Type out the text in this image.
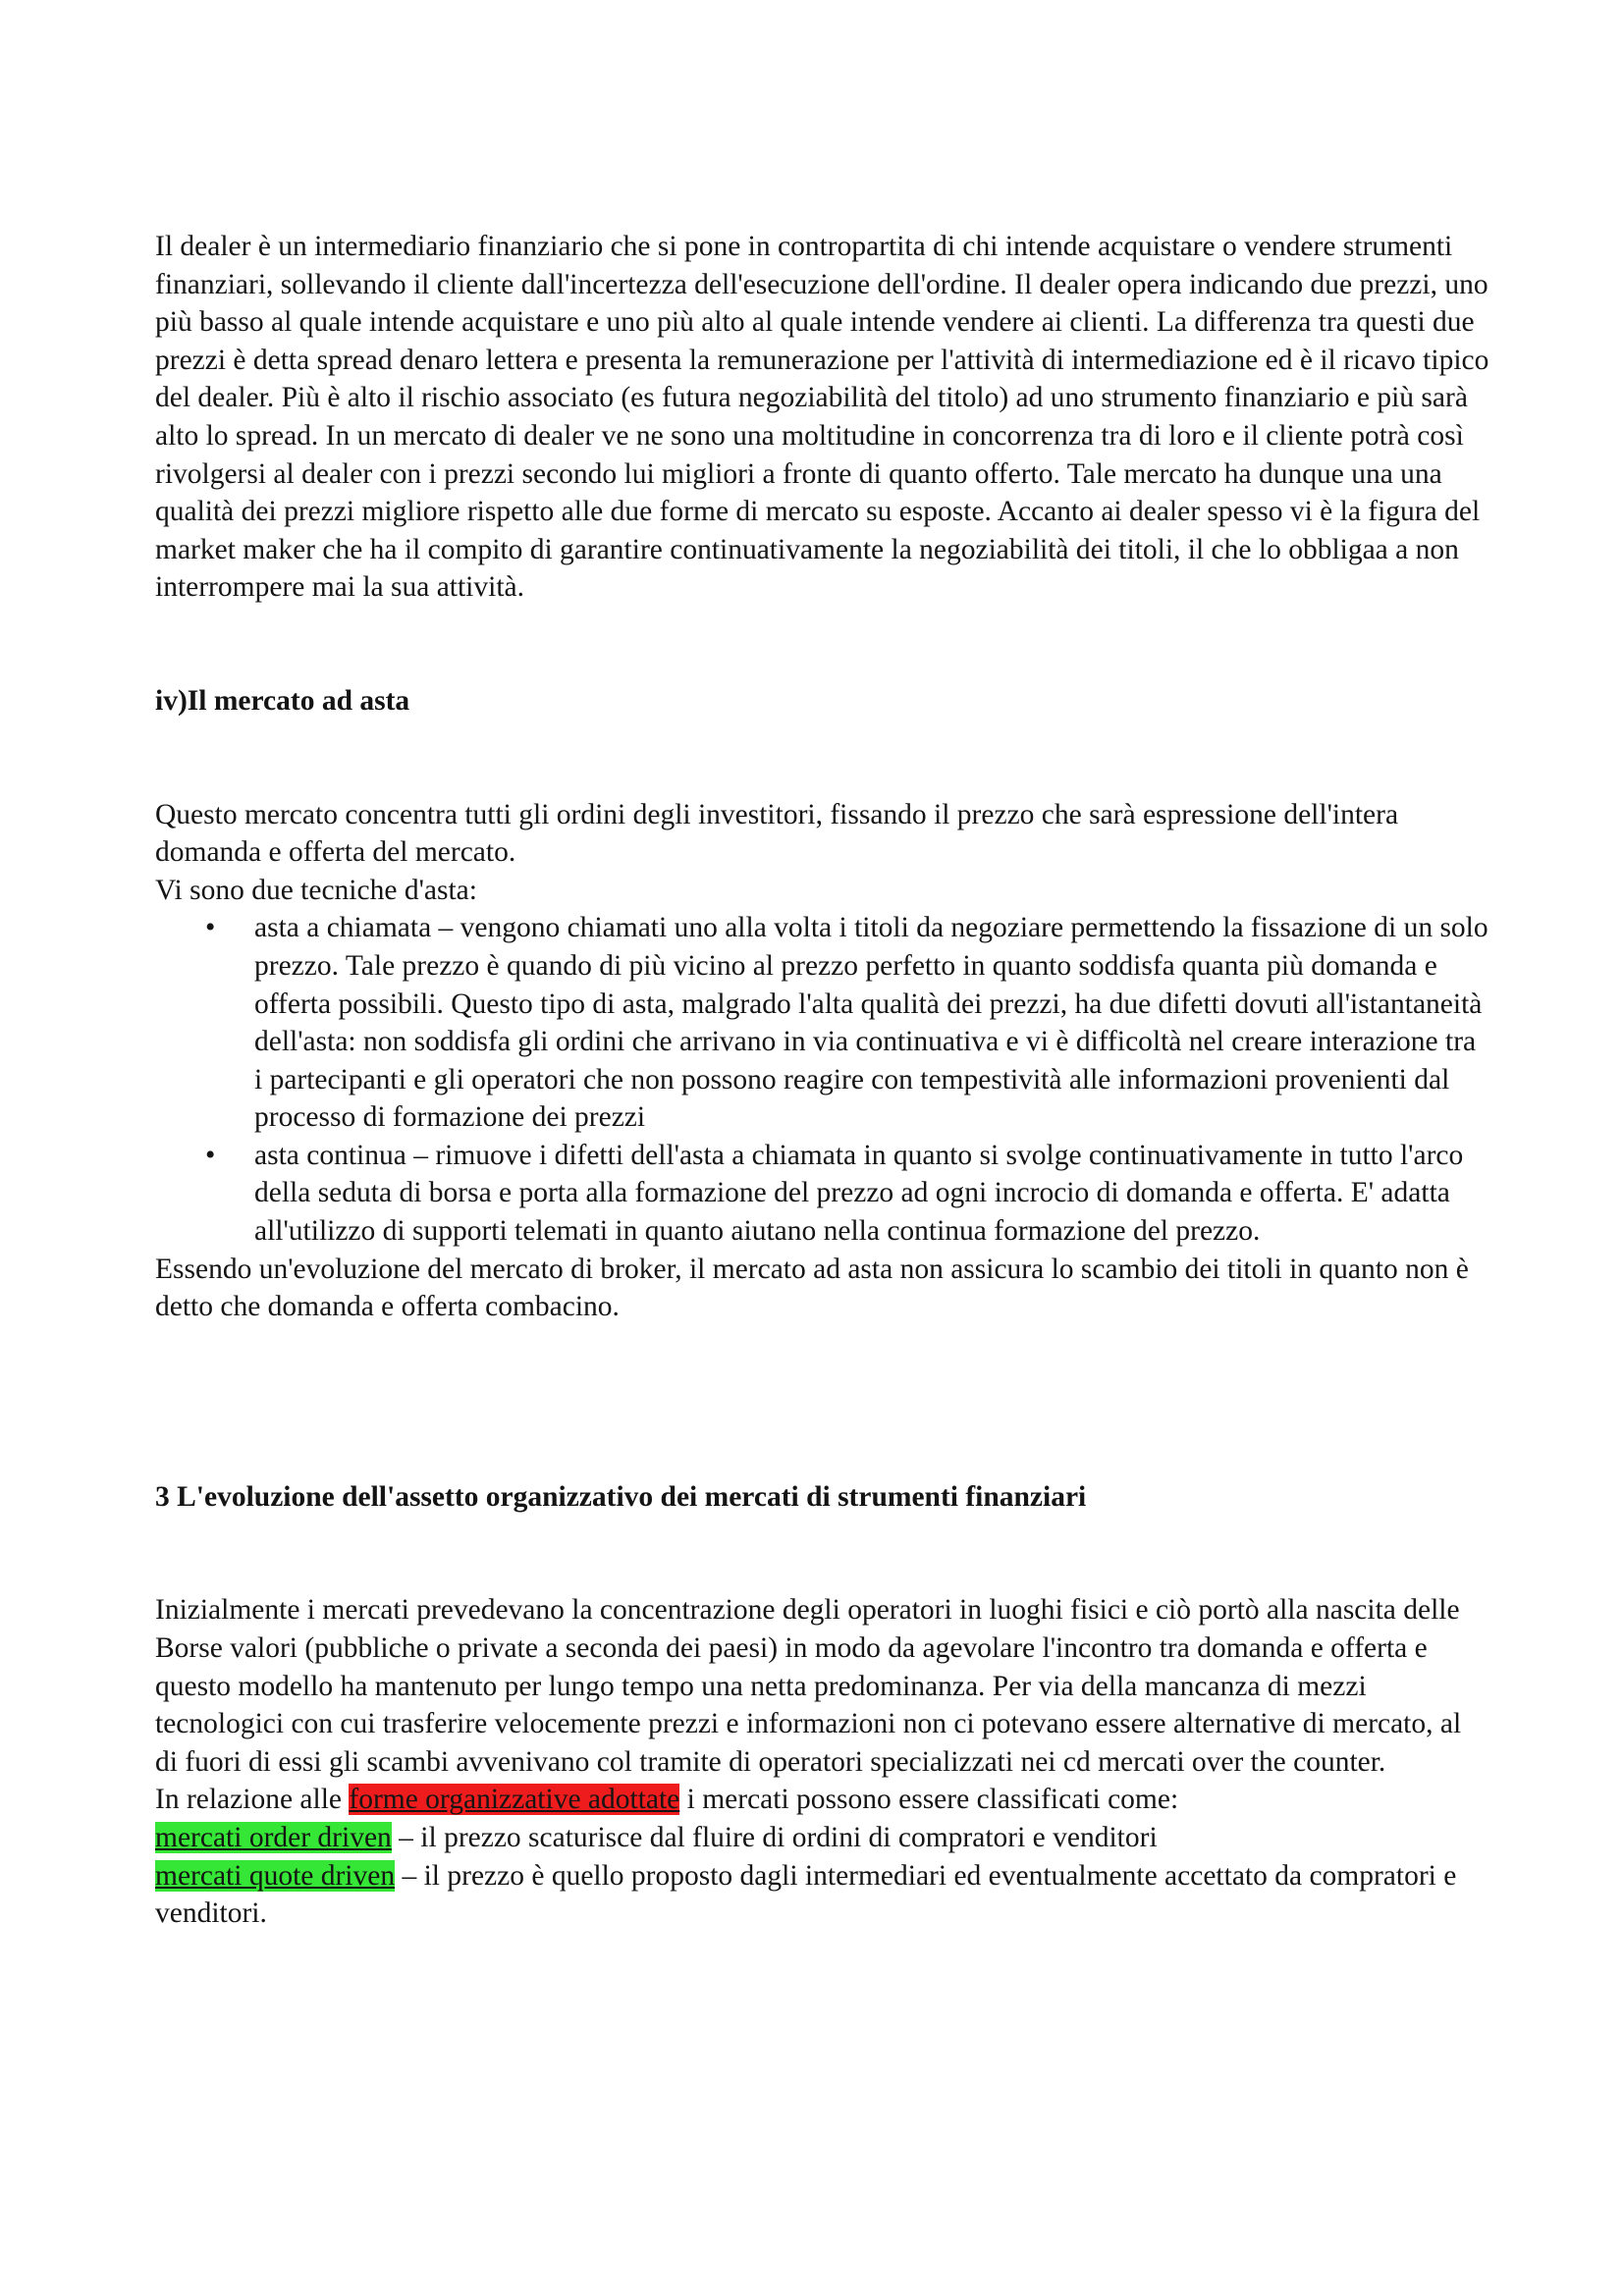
Il dealer è un intermediario finanziario che si pone in contropartita di chi intende acquistare o vendere strumenti finanziari, sollevando il cliente dall'incertezza dell'esecuzione dell'ordine. Il dealer opera indicando due prezzi, uno più basso al quale intende acquistare e uno più alto al quale intende vendere ai clienti. La differenza tra questi due prezzi è detta spread denaro lettera e presenta la remunerazione per l'attività di intermediazione ed è il ricavo tipico del dealer. Più è alto il rischio associato (es futura negoziabilità del titolo) ad uno strumento finanziario e più sarà alto lo spread. In un mercato di dealer ve ne sono una moltitudine in concorrenza tra di loro e il cliente potrà così rivolgersi al dealer con i prezzi secondo lui migliori a fronte di quanto offerto. Tale mercato ha dunque una una qualità dei prezzi migliore rispetto alle due forme di mercato su esposte. Accanto ai dealer spesso vi è la figura del market maker che ha il compito di garantire continuativamente la negoziabilità dei titoli, il che lo obbligaa a non interrompere mai la sua attività.

iv)Il mercato ad asta

Questo mercato concentra tutti gli ordini degli investitori, fissando il prezzo che sarà espressione dell'intera domanda e offerta del mercato.

Vi sono due tecniche d'asta:

• asta a chiamata – vengono chiamati uno alla volta i titoli da negoziare permettendo la fissazione di un solo prezzo. Tale prezzo è quando di più vicino al prezzo perfetto in quanto soddisfa quanta più domanda e offerta possibili. Questo tipo di asta, malgrado l'alta qualità dei prezzi, ha due difetti dovuti all'istantaneità dell'asta: non soddisfa gli ordini che arrivano in via continuativa e vi è difficoltà nel creare interazione tra i partecipanti e gli operatori che non possono reagire con tempestività alle informazioni provenienti dal processo di formazione dei prezzi
• asta continua – rimuove i difetti dell'asta a chiamata in quanto si svolge continuativamente in tutto l'arco della seduta di borsa e porta alla formazione del prezzo ad ogni incrocio di domanda e offerta. E' adatta all'utilizzo di supporti telemati in quanto aiutano nella continua formazione del prezzo.

Essendo un'evoluzione del mercato di broker, il mercato ad asta non assicura lo scambio dei titoli in quanto non è detto che domanda e offerta combacino.

3 L'evoluzione dell'assetto organizzativo dei mercati di strumenti finanziari

Inizialmente i mercati prevedevano la concentrazione degli operatori in luoghi fisici e ciò portò alla nascita delle Borse valori (pubbliche o private a seconda dei paesi) in modo da agevolare l'incontro tra domanda e offerta e questo modello ha mantenuto per lungo tempo una netta predominanza. Per via della mancanza di mezzi tecnologici con cui trasferire velocemente prezzi e informazioni non ci potevano essere alternative di mercato, al di fuori di essi gli scambi avvenivano col tramite di operatori specializzati nei cd mercati over the counter.

In relazione alle forme organizzative adottate i mercati possono essere classificati come:

mercati order driven – il prezzo scaturisce dal fluire di ordini di compratori e venditori

mercati quote driven – il prezzo è quello proposto dagli intermediari ed eventualmente accettato da compratori e venditori.
